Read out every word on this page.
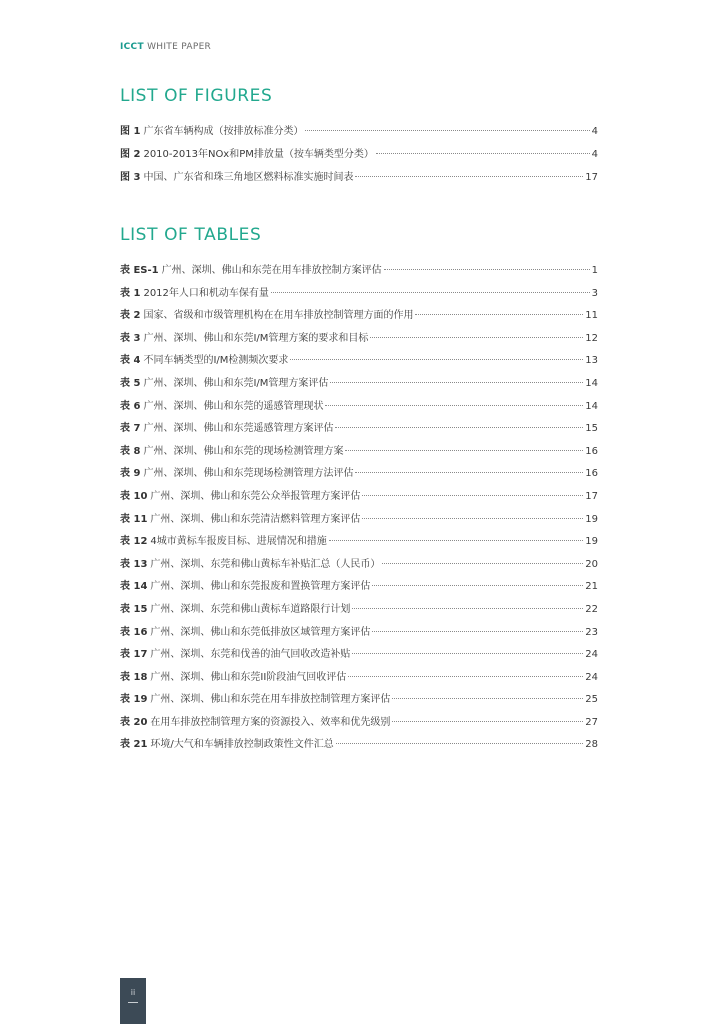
ICCT WHITE PAPER
LIST OF FIGURES
图 1 广东省车辆构成（按排放标准分类）	4
图 2 2010-2013年NOx和PM排放量（按车辆类型分类）	4
图 3 中国、广东省和珠三角地区燃料标准实施时间表	17
LIST OF TABLES
表 ES-1 广州、深圳、佛山和东莞在用车排放控制方案评估	1
表 1 2012年人口和机动车保有量	3
表 2 国家、省级和市级管理机构在在用车排放控制管理方面的作用	11
表 3 广州、深圳、佛山和东莞I/M管理方案的要求和目标	12
表 4 不同车辆类型的I/M检测频次要求	13
表 5 广州、深圳、佛山和东莞I/M管理方案评估	14
表 6 广州、深圳、佛山和东莞的遥感管理现状	14
表 7 广州、深圳、佛山和东莞遥感管理方案评估	15
表 8 广州、深圳、佛山和东莞的现场检测管理方案	16
表 9 广州、深圳、佛山和东莞现场检测管理方法评估	16
表 10 广州、深圳、佛山和东莞公众举报管理方案评估	17
表 11 广州、深圳、佛山和东莞清洁燃料管理方案评估	19
表 12 4城市黄标车报废目标、进展情况和措施	19
表 13 广州、深圳、东莞和佛山黄标车补贴汇总（人民币）	20
表 14 广州、深圳、佛山和东莞报废和置换管理方案评估	21
表 15 广州、深圳、东莞和佛山黄标车道路限行计划	22
表 16 广州、深圳、佛山和东莞低排放区域管理方案评估	23
表 17 广州、深圳、东莞和伐善的油气回收改造补贴	24
表 18 广州、深圳、佛山和东莞II阶段油气回收评估	24
表 19 广州、深圳、佛山和东莞在用车排放控制管理方案评估	25
表 20 在用车排放控制管理方案的资源投入、效率和优先级别	27
表 21 环境/大气和车辆排放控制政策性文件汇总	28
ii
